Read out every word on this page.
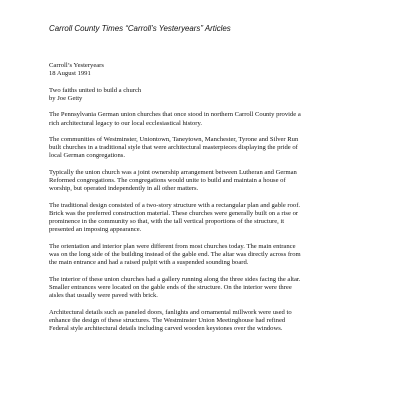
Carroll County Times “Carroll’s Yesteryears” Articles
Carroll’s Yesteryears
18 August 1991
Two faiths united to build a church
by Joe Getty
The Pennsylvania German union churches that once stood in northern Carroll County provide a
rich architectural legacy to our local ecclesiastical history.
The communities of Westminster, Uniontown, Taneytown, Manchester, Tyrone and Silver Run
built churches in a traditional style that were architectural masterpieces displaying the pride of
local German congregations.
Typically the union church was a joint ownership arrangement between Lutheran and German
Reformed congregations. The congregations would unite to build and maintain a house of
worship, but operated independently in all other matters.
The traditional design consisted of a two-story structure with a rectangular plan and gable roof.
Brick was the preferred construction material. These churches were generally built on a rise or
prominence in the community so that, with the tall vertical proportions of the structure, it
presented an imposing appearance.
The orientation and interior plan were different from most churches today. The main entrance
was on the long side of the building instead of the gable end. The altar was directly across from
the main entrance and had a raised pulpit with a suspended sounding board.
The interior of these union churches had a gallery running along the three sides facing the altar.
Smaller entrances were located on the gable ends of the structure. On the interior were three
aisles that usually were paved with brick.
Architectural details such as paneled doors, fanlights and ornamental millwork were used to
enhance the design of these structures. The Westminster Union Meetinghouse had refined
Federal style architectural details including carved wooden keystones over the windows.
